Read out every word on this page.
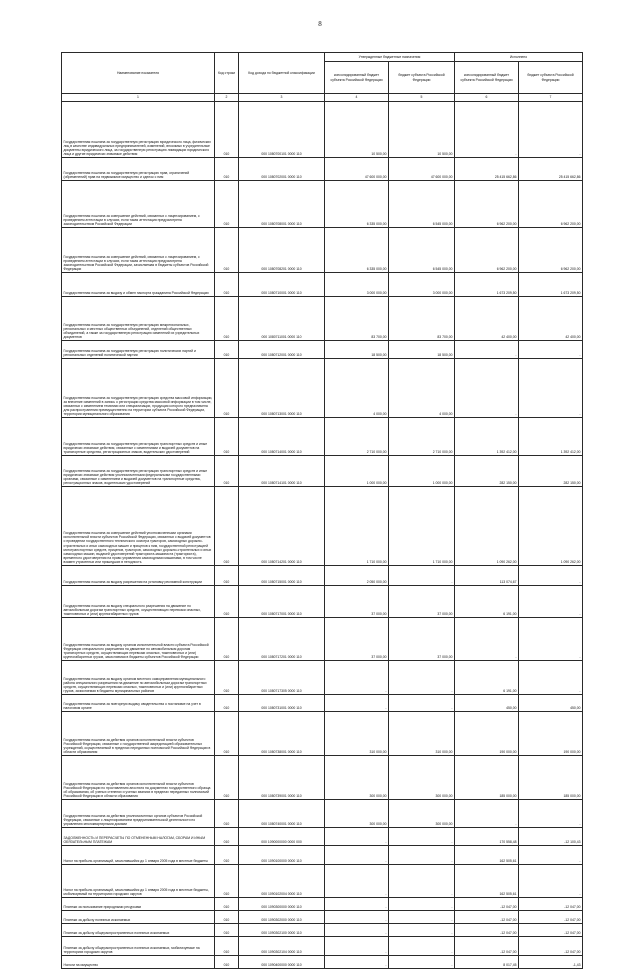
8
Наименование показателя	Код строки	Код дохода по бюджетной классификации	Утвержденные бюджетные назначения		Исполнено	
			консолидированный бюджет субъекта Российской Федерации	бюджет субъекта Российской Федерации	консолидированный бюджет субъекта Российской Федерации	бюджет субъекта Российской Федерации
1	2	3	4	5	6	7
Государственная пошлина за государственную регистрацию юридического лица, физических лиц в качестве индивидуальных предпринимателей, изменений, вносимых в учредительные документы юридического лица, за государственную регистрацию ликвидации юридического лица и другие юридически значимые действия	010	000 1080700101 0000 110	10 500,00	10 500,00	-	-
Государственная пошлина за государственную регистрацию прав, ограничений (обременений) прав на недвижимое имущество и сделок с ним	010	000 1080702001 0000 110	47 600 000,00	47 600 000,00	25 415 662,86	25 415 662,86
Государственная пошлина за совершение действий, связанных с лицензированием, с проведением аттестации в случаях, если такая аттестация предусмотрена законодательством Российской Федерации	010	000 1080708001 0000 110	6 335 000,00	6 545 000,00	6 962 200,00	6 962 200,00
Государственная пошлина за совершение действий, связанных с лицензированием, с проведением аттестации в случаях, если такая аттестация предусмотрена законодательством Российской Федерации, зачисляемая в бюджеты субъектов Российской Федерации	010	000 1080708201 0000 110	6 335 000,00	6 545 000,00	6 962 200,00	6 962 200,00
Государственная пошлина за выдачу и обмен паспорта гражданина Российской Федерации	010	000 1080710001 0000 110	3 000 000,00	3 000 000,00	1 673 209,50	1 673 209,50
Государственная пошлина за государственную регистрацию межрегиональных, региональных и местных общественных объединений, отделений общественных объединений, а также за государственную регистрацию изменений их учредительных документов	010	000 1080711001 0000 110	83 700,00	83 700,00	42 400,00	42 400,00
Государственная пошлина за государственную регистрацию политических партий и региональных отделений политической партии	010	000 1080712001 0000 110	18 500,00	18 500,00	-	-
Государственная пошлина за государственную регистрацию средства массовой информации, за внесение изменений в запись о регистрации средства массовой информации в том числе, связанных с изменением тематики или специализации, продукция которого предназначена для распространения преимущественно на территории субъекта Российской Федерации, территории муниципального образования	010	000 1080713001 0000 110	4 000,00	4 000,00	-	-
Государственная пошлина за государственную регистрацию транспортных средств и иные юридически значимые действия, связанные с изменениями и выдачей документов на транспортные средства, регистрационных знаков, водительских удостоверений	010	000 1080714001 0000 110	2 710 000,00	2 710 000,00	1 392 412,00	1 392 412,00
Государственная пошлина за государственную регистрацию транспортных средств и иные юридически значимые действия уполномоченными федеральными государственными органами, связанные с изменением и выдачей документов на транспортные средства, регистрационных знаков, водительских удостоверений	010	000 1080714101 0000 110	1 000 000,00	1 000 000,00	282 150,00	282 150,00
Государственная пошлина за совершение действий уполномоченными органами исполнительной власти субъектов Российской Федерации, связанных с выдачей документов о проведении государственного технического осмотра тракторов, самоходных дорожно-строительных и иных самоходных машин и прицепов к ним, государственной регистрацией мототранспортных средств, прицепов, тракторов, самоходных дорожно-строительных и иных самоходных машин, выдачей удостоверений тракториста-машиниста (тракториста), временного удостоверения на право управления самоходными машинами, в том числе взамен утраченных или пришедших в негодность	010	000 1080714201 0000 110	1 710 000,00	1 710 000,00	1 090 262,00	1 090 262,00
Государственная пошлина за выдачу разрешения на установку рекламной конструкции	010	000 1080715001 0000 110	2 050 000,00	-	113 074,67	-
Государственная пошлина за выдачу специального разрешения на движение по автомобильным дорогам транспортных средств, осуществляющих перевозки опасных, тяжеловесных и (или) крупногабаритных грузов	010	000 1080717001 0000 110	37 000,00	37 000,00	6 191,00	-
Государственная пошлина за выдачу органом исполнительной власти субъекта Российской Федерации специального разрешения на движение по автомобильным дорогам транспортных средств, осуществляющих перевозки опасных, тяжеловесных и (или) крупногабаритных грузов, зачисляемая в бюджеты субъектов Российской Федерации	010	000 1080717201 0000 110	37 000,00	37 000,00	-	-
Государственная пошлина за выдачу органом местного самоуправления муниципального района специального разрешения на движение по автомобильным дорогам транспортных средств, осуществляющих перевозки опасных, тяжеловесных и (или) крупногабаритных грузов, зачисляемая в бюджеты муниципальных районов	010	000 1080717305 0000 110	-	-	6 191,00	-
Государственная пошлина за повторную выдачу свидетельства о постановке на учет в налоговом органе	010	000 1080731001 0000 110	-	-	450,00	450,00
Государственная пошлина за действия органов исполнительной власти субъектов Российской Федерации, связанные с государственной аккредитацией образовательных учреждений, осуществляемой в пределах переданных полномочий Российской Федерации в области образования	010	000 1080738001 0000 110	310 000,00	310 000,00	190 000,00	190 000,00
Государственная пошлина за действия органов исполнительной власти субъектов Российской Федерации по проставлению апостиля на документах государственного образца об образовании, об ученых степенях и ученых званиях в пределах переданных полномочий Российской Федерации в области образования	010	000 1080739001 0000 110	300 000,00	300 000,00	185 000,00	185 000,00
Государственная пошлина за действия уполномоченных органов субъектов Российской Федерации, связанные с лицензированием предпринимательской деятельности по управлению многоквартирными домами	010	000 1080740001 0000 110	300 000,00	300 000,00	-	-
ЗАДОЛЖЕННОСТЬ И ПЕРЕРАСЧЕТЫ ПО ОТМЕНЕННЫМ НАЛОГАМ, СБОРАМ И ИНЫМ ОБЯЗАТЕЛЬНЫМ ПЛАТЕЖАМ	010	000 1090000000 0000 000	-	-	170 558,48	-12 100,43
Налог на прибыль организаций, зачислявшийся до 1 января 2005 года в местные бюджеты	010	000 1090100000 0000 110	-	-	162 505,61	-
Налог на прибыль организаций, зачислявшийся до 1 января 2005 года в местные бюджеты, мобилизуемый на территориях городских округов	010	000 1090102004 0000 110	-	-	162 505,61	-
Платежи за пользование природными ресурсами	010	000 1090300000 0000 110	-	-	-12 047,00	-12 047,00
Платежи за добычу полезных ископаемых	010	000 1090302000 0000 110	-	-	-12 047,00	-12 047,00
Платежи за добычу общераспространенных полезных ископаемых	010	000 1090302100 0000 110	-	-	-12 047,00	-12 047,00
Платежи за добычу общераспространенных полезных ископаемых, мобилизуемые на территориях городских округов	010	000 1090302104 0000 110	-	-	-12 047,00	-12 047,00
Налоги на имущество	010	000 1090400000 0000 110	-	-	8 017,45	-1,43
